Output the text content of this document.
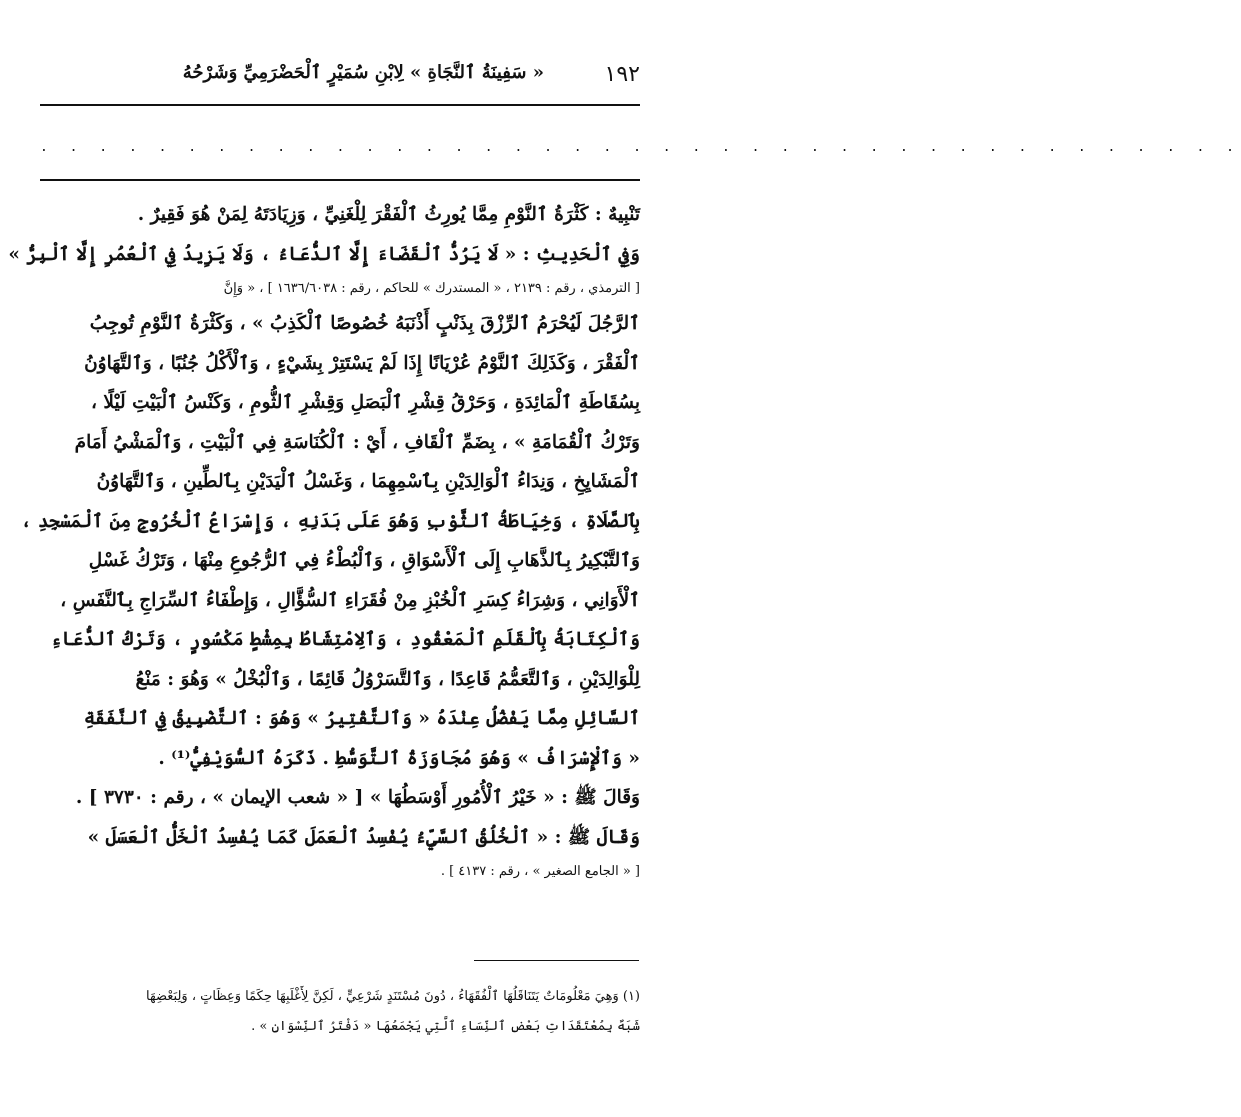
١٩٢
« سَفِينَةُ ٱلنَّجَاةِ » لِابْنِ سُمَيْرٍ ٱلْحَضْرَمِيِّ وَشَرْحُهُ
. . . . . . . . . . . . . . . . . . . . . . . . . . . . . . . . . . . . . . . . .
تَنْبِيهٌ : كَثْرَةُ ٱلنَّوْمِ مِمَّا يُورِثُ ٱلْفَقْرَ لِلْغَنِيِّ ، وَزِيَادَتَهُ لِمَنْ هُوَ فَقِيرٌ .
وَفِي ٱلْحَدِيثِ : « لَا يَرُدُّ ٱلْقَضَاءَ إِلَّا ٱلدُّعَاءُ ، وَلَا يَزِيدُ فِي ٱلْعُمُرِ إِلَّا ٱلْبِرُّ »
[ الترمذي ، رقم : ٢١٣٩ ، « المستدرك » للحاكم ، رقم : ١٦٣٦/٦٠٣٨ ] ، « وَإِنَّ
ٱلرَّجُلَ لَيُحْرَمُ ٱلرِّزْقَ بِذَنْبٍ أَذْنَبَهُ خُصُوصًا ٱلْكَذِبُ » ، وَكَثْرَةُ ٱلنَّوْمِ تُوجِبُ
ٱلْفَقْرَ ، وَكَذَلِكَ ٱلنَّوْمُ عُرْيَانًا إِذَا لَمْ يَسْتَتِرْ بِشَيْءٍ ، وَٱلْأَكْلُ جُنُبًا ، وَٱلتَّهَاوُنُ
بِسُقَاطَةِ ٱلْمَائِدَةِ ، وَحَرْقُ قِشْرِ ٱلْبَصَلِ وَقِشْرِ ٱلثُّومِ ، وَكَنْسُ ٱلْبَيْتِ لَيْلًا ،
وَتَرْكُ ٱلْقُمَامَةِ » ، بِضَمِّ ٱلْقَافِ ، أَيْ : ٱلْكُنَاسَةِ فِي ٱلْبَيْتِ ، وَٱلْمَشْيُ أَمَامَ
ٱلْمَشَايِخِ ، وَنِدَاءُ ٱلْوَالِدَيْنِ بِٱسْمِهِمَا ، وَغَسْلُ ٱلْيَدَيْنِ بِٱلطِّينِ ، وَٱلتَّهَاوُنُ
بِٱلصَّلَاةِ ، وَخِيَاطَةُ ٱلثَّوْبِ وَهُوَ عَلَى بَدَنِهِ ، وَإِسْرَاعُ ٱلْخُرُوجِ مِنَ ٱلْمَسْجِدِ ،
وَٱلتَّبْكِيرُ بِٱلذَّهَابِ إِلَى ٱلْأَسْوَاقِ ، وَٱلْبُطْءُ فِي ٱلرُّجُوعِ مِنْهَا ، وَتَرْكُ غَسْلِ
ٱلْأَوَانِي ، وَشِرَاءُ كِسَرِ ٱلْخُبْزِ مِنْ فُقَرَاءِ ٱلسُّؤَّالِ ، وَإِطْفَاءُ ٱلسِّرَاجِ بِٱلنَّفَسِ ،
وَٱلْكِتَابَةُ بِٱلْقَلَمِ ٱلْمَعْقُودِ ، وَٱلِامْتِشَاطُ بِمِشْطٍ مَكْسُورٍ ، وَتَرْكُ ٱلدُّعَاءِ
لِلْوَالِدَيْنِ ، وَٱلتَّعَمُّمُ قَاعِدًا ، وَٱلتَّسَرْوُلُ قَائِمًا ، وَٱلْبُخْلُ » وَهُوَ : مَنْعُ
ٱلسَّائِلِ مِمَّا يَفْضُلُ عِنْدَهُ « وَٱلتَّقْتِيرُ » وَهُوَ : ٱلتَّضْيِيقُ فِي ٱلنَّفَقَةِ
« وَٱلْإِسْرَافُ » وَهُوَ مُجَاوَزَةُ ٱلتَّوَسُّطِ . ذَكَرَهُ ٱلسُّوَيْفِيُّ⁽¹⁾ .
وَقَالَ ﷺ : « خَيْرُ ٱلْأُمُورِ أَوْسَطُهَا » [ « شعب الإيمان » ، رقم : ٣٧٣٠ ] .
وَقَالَ ﷺ : « ٱلْخُلُقُ ٱلسَّيِّءُ يُفْسِدُ ٱلْعَمَلَ كَمَا يُفْسِدُ ٱلْخَلُّ ٱلْعَسَلَ »
[ « الجامع الصغير » ، رقم : ٤١٣٧ ] .
(١) وَهِيَ مَعْلُومَاتٌ يَتَنَاقَلُهَا ٱلْفُقَهَاءُ ، دُونَ مُسْتَنَدٍ شَرْعِيٍّ ، لَكِنَّ لِأَغْلَبِهَا حِكَمًا وَعِظَاتٍ ، وَلِبَعْضِهَا
شَبَهٌ بِمُعْتَقَدَاتِ بَعْضِ ٱلنِّسَاءِ ٱلَّتِي يَجْمَعُهَا « دَفْتَرُ ٱلنِّسْوَانِ » .
